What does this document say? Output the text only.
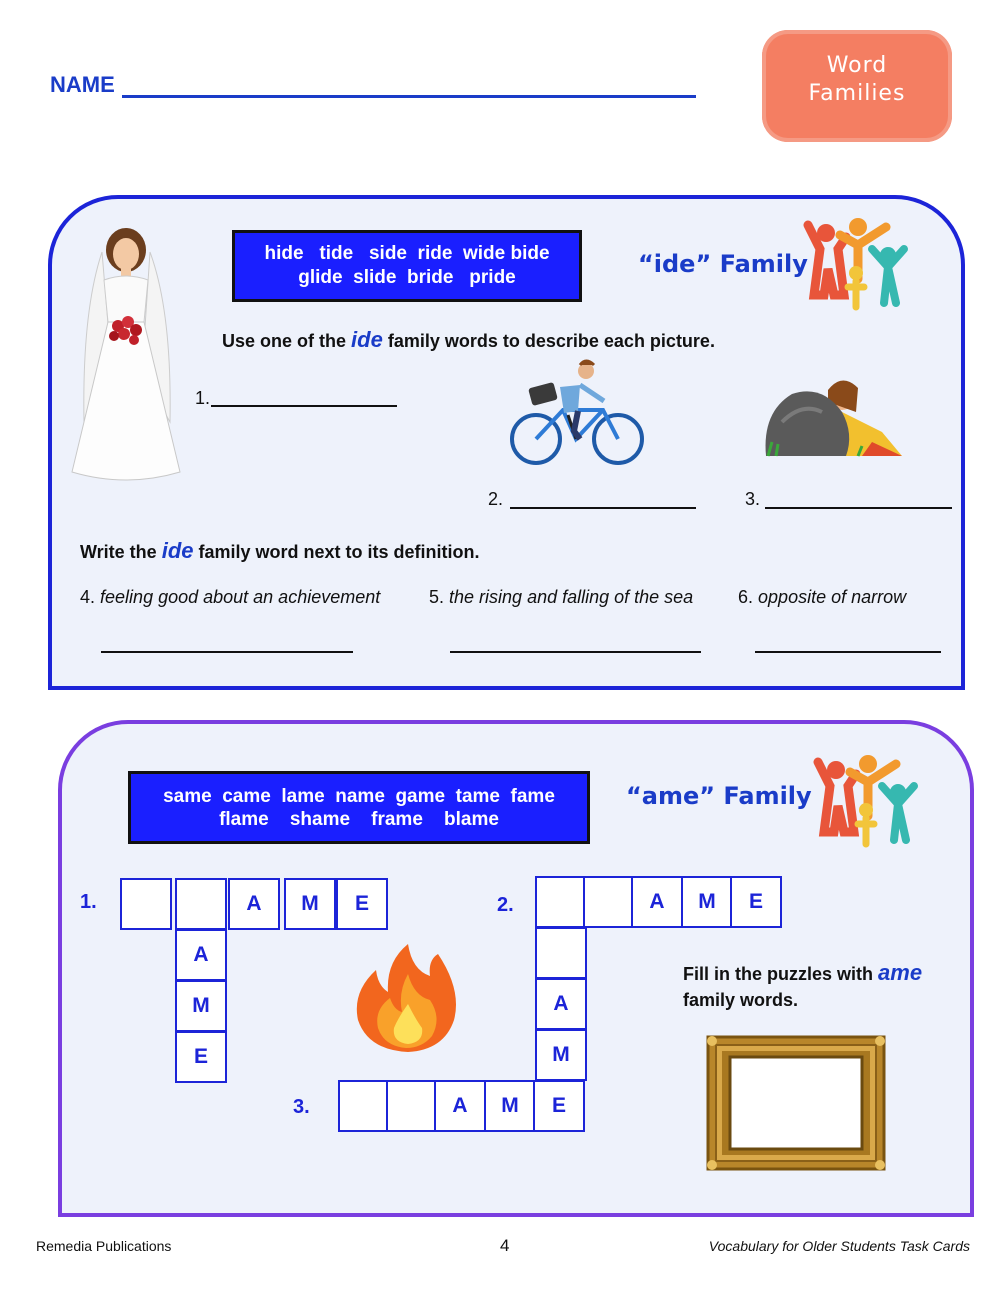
NAME
Word
Families
hide   tide   side  ride  wide bide
glide  slide  bride   pride	“ide” Family
Use one of the ide family words to describe each picture.
1.
2.	3.
Write the ide family word next to its definition.
4. feeling good about an achievement	5. the rising and falling of the sea 6. opposite of narrow
same  came  lame  name  game  tame  fame
flame    shame    frame    blame
“ame” Family
1.	A	M	E
A
M
E
2.	A	M	E
A
M
3.	A	M	E
Fill in the puzzles with ame family words.
Remedia Publications	4	Vocabulary for Older Students Task Cards
